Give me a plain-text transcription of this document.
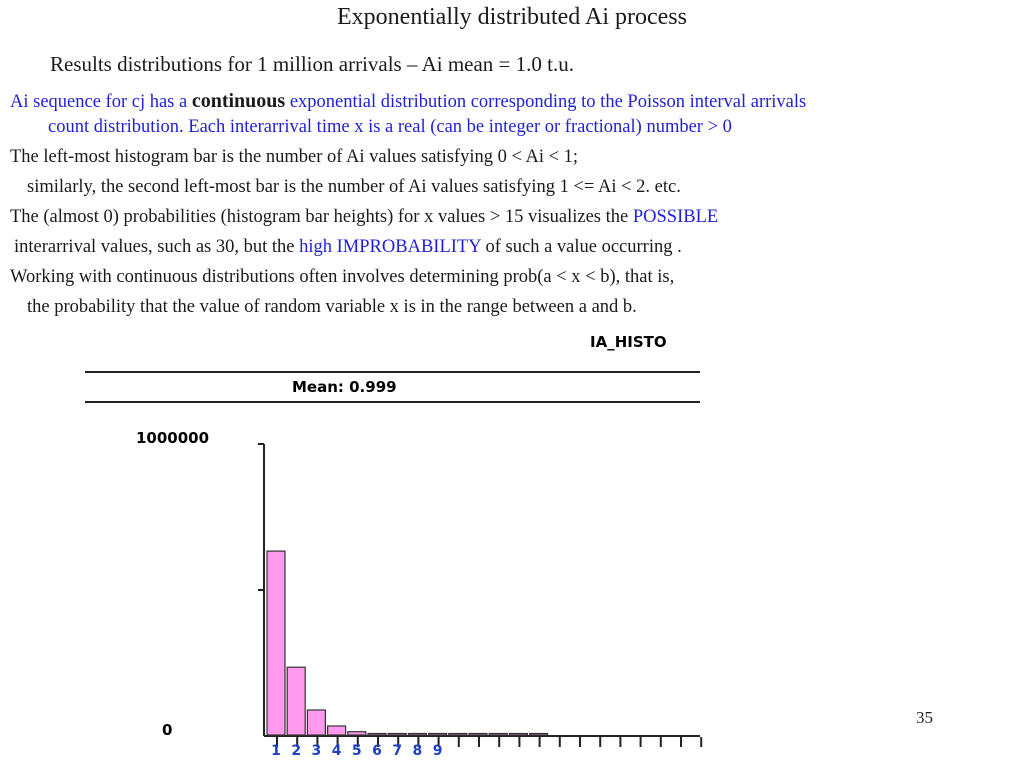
Exponentially distributed Ai process
Results distributions for 1 million arrivals – Ai mean = 1.0 t.u.
Ai sequence for cj has a continuous exponential distribution corresponding to the Poisson interval arrivals
count distribution. Each interarrival time x is a real (can be integer or fractional) number > 0
The left-most histogram bar is the number of Ai values satisfying 0 < Ai < 1;
similarly, the second left-most bar is the number of Ai values satisfying 1 <= Ai < 2. etc.
The (almost 0) probabilities (histogram bar heights) for x values > 15 visualizes the POSSIBLE
interarrival values, such as 30, but the high IMPROBABILITY of such a value occurring .
Working with continuous distributions often involves determining prob(a < x < b), that is,
the probability that the value of random variable x is in the range between a and b.
IA_HISTO
Mean: 0.999
1000000
0
1 2 3 4 5 6 7 8 9
35
